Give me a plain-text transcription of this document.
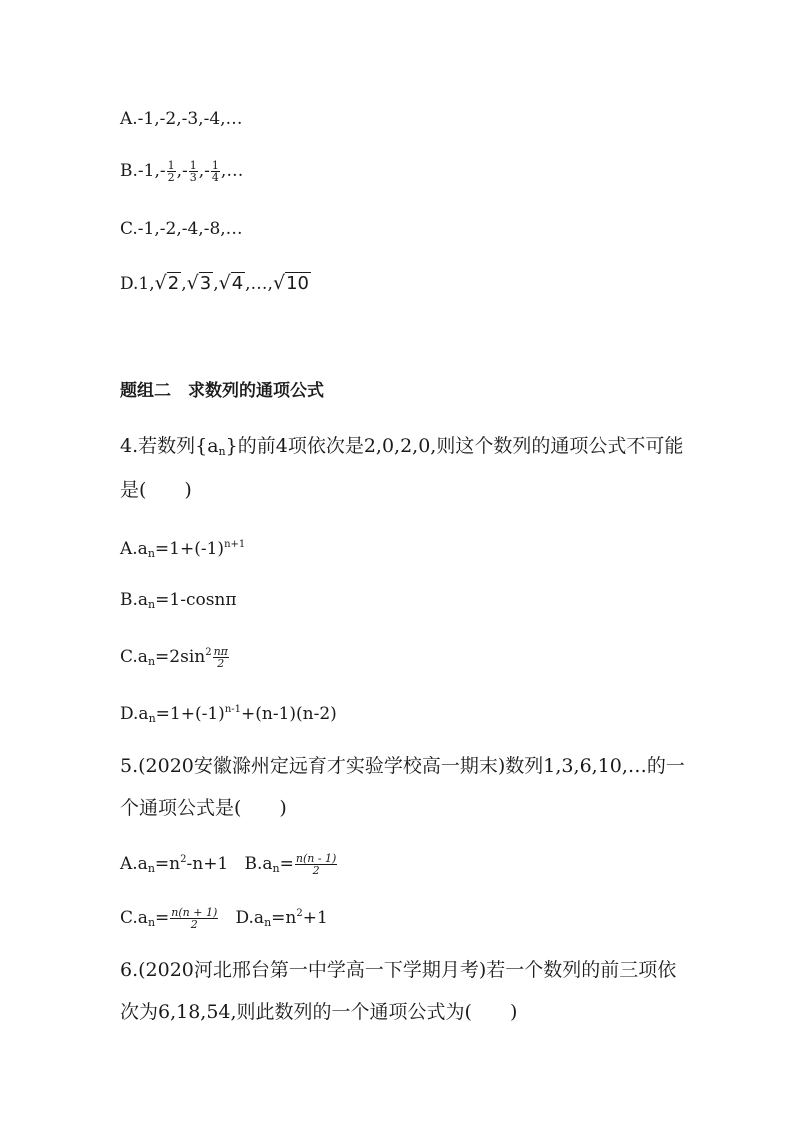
A.-1,-2,-3,-4,…
$B.-1,- \frac{1}{2}$ ,- $\frac{1}{3}$ ,- $\frac{1}{4}$ ,…
C.-1,-2,-4,-8,…
D.1,√2 ,√3 ,√4 ,…,√10
题组二　求数列的通项公式
4.若数列$\{a_n\}$的前4项依次是2,0,2,0,则这个数列的通项公式不可能
是(　　)
$A.a_n=1+(-1)^{n+1}$
$B.a_n=1$-cosnπ
$C.a_n=2\sin^2 \frac{n\pi}{2}$
$D.a_n=1+(-1)^{n-1}+(n-1)(n-2)$
5.(2020安徽滁州定远育才实验学校高一期末)数列1,3,6,10,…的一
个通项公式是(　　)
$A.a_n=n^2-n+1$ $B.a_n= \frac{n(n - 1)}{2}$
$C.a_n= \frac{n(n + 1)}{2} D.a_n=n^2+1$
6.(2020河北邢台第一中学高一下学期月考)若一个数列的前三项依
次为6,18,54,则此数列的一个通项公式为(　　)
